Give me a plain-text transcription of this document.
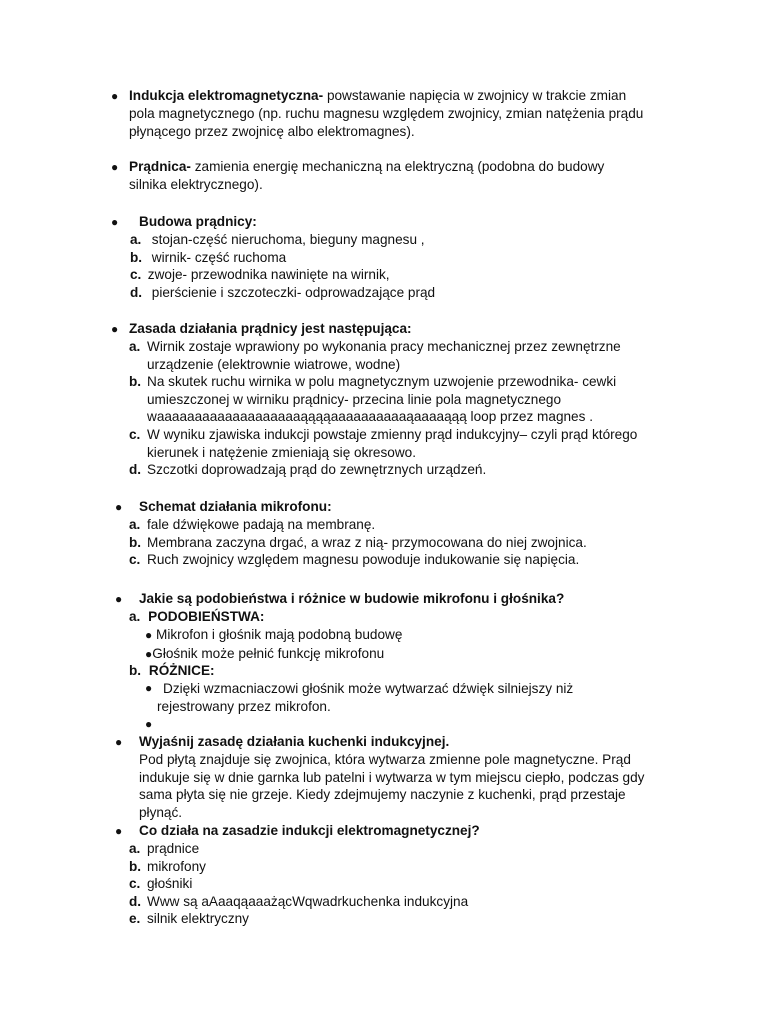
● Indukcja elektromagnetyczna- powstawanie napięcia w zwojnicy w trakcie zmian
pola magnetycznego (np. ruchu magnesu względem zwojnicy, zmian natężenia prądu
płynącego przez zwojnicę albo elektromagnes).
● Prądnica- zamienia energię mechaniczną na elektryczną (podobna do budowy
silnika elektrycznego).
● Budowa prądnicy:
a. stojan-część nieruchoma, bieguny magnesu ,
b. wirnik- część ruchoma
c. zwoje- przewodnika nawinięte na wirnik,
d. pierścienie i szczoteczki- odprowadzające prąd
● Zasada działania prądnicy jest następująca:
a. Wirnik zostaje wprawiony po wykonania pracy mechanicznej przez zewnętrzne
urządzenie (elektrownie wiatrowe, wodne)
b. Na skutek ruchu wirnika w polu magnetycznym uzwojenie przewodnika- cewki
umieszczonej w wirniku prądnicy- przecina linie pola magnetycznego
waaaaaaaaaaaaaaaaaaaąąąąaaaaaaaaaaąaaaaąąą loop przez magnes .
c. W wyniku zjawiska indukcji powstaje zmienny prąd indukcyjny– czyli prąd którego
kierunek i natężenie zmieniają się okresowo.
d. Szczotki doprowadzają prąd do zewnętrznych urządzeń.
● Schemat działania mikrofonu:
a. fale dźwiękowe padają na membranę.
b. Membrana zaczyna drgać, a wraz z nią- przymocowana do niej zwojnica.
c. Ruch zwojnicy względem magnesu powoduje indukowanie się napięcia.
● Jakie są podobieństwa i różnice w budowie mikrofonu i głośnika?
a. PODOBIEŃSTWA:
● Mikrofon i głośnik mają podobną budowę
●Głośnik może pełnić funkcję mikrofonu
b. RÓŻNICE:
● Dzięki wzmacniaczowi głośnik może wytwarzać dźwięk silniejszy niż
rejestrowany przez mikrofon.
●
● Wyjaśnij zasadę działania kuchenki indukcyjnej.
Pod płytą znajduje się zwojnica, która wytwarza zmienne pole magnetyczne. Prąd
indukuje się w dnie garnka lub patelni i wytwarza w tym miejscu ciepło, podczas gdy
sama płyta się nie grzeje. Kiedy zdejmujemy naczynie z kuchenki, prąd przestaje
płynąć.
● Co działa na zasadzie indukcji elektromagnetycznej?
a. prądnice
b. mikrofony
c. głośniki
d. Www są aAaaqąaaażącWqwadrkuchenka indukcyjna
e. silnik elektryczny
